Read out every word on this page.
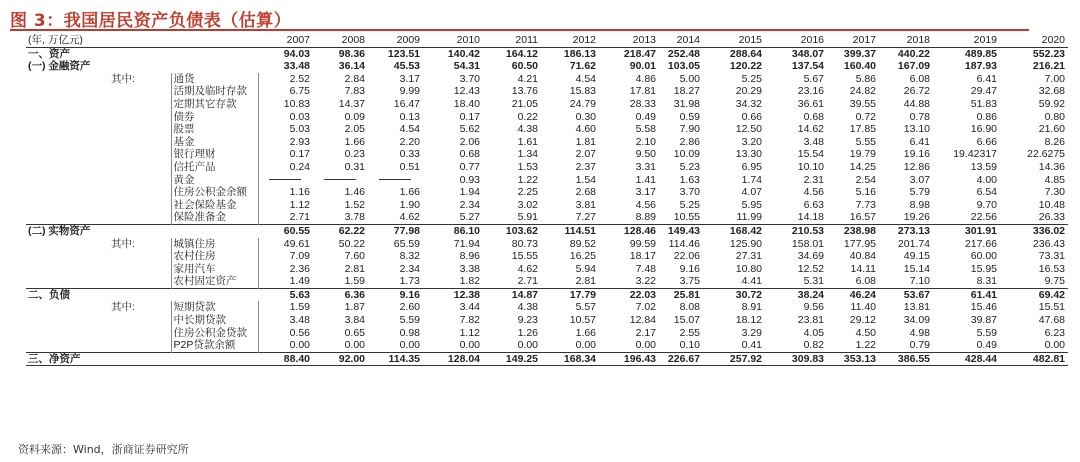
图 3：我国居民资产负债表（估算）
(年, 万亿元)			2007	2008	2009	2010	2011	2012	2013	2014	2015	2016	2017	2018	2019	2020
一、资产			94.03	98.36	123.51	140.42	164.12	186.13	218.47	252.48	288.64	348.07	399.37	440.22	489.85	552.23
(一) 金融资产			33.48	36.14	45.53	54.31	60.50	71.62	90.01	103.05	120.22	137.54	160.40	167.09	187.93	216.21
	其中:	通货	2.52	2.84	3.17	3.70	4.21	4.54	4.86	5.00	5.25	5.67	5.86	6.08	6.41	7.00
		活期及临时存款	6.75	7.83	9.99	12.43	13.76	15.83	17.81	18.27	20.29	23.16	24.82	26.72	29.47	32.68
		定期其它存款	10.83	14.37	16.47	18.40	21.05	24.79	28.33	31.98	34.32	36.61	39.55	44.88	51.83	59.92
		债券	0.03	0.09	0.13	0.17	0.22	0.30	0.49	0.59	0.66	0.68	0.72	0.78	0.86	0.80
		股票	5.03	2.05	4.54	5.62	4.38	4.60	5.58	7.90	12.50	14.62	17.85	13.10	16.90	21.60
		基金	2.93	1.66	2.20	2.06	1.61	1.81	2.10	2.86	3.20	3.48	5.55	6.41	6.66	8.26
		银行理财	0.17	0.23	0.33	0.68	1.34	2.07	9.50	10.09	13.30	15.54	19.79	19.16	19.42317	22.6275
		信托产品	0.24	0.31	0.51	0.77	1.53	2.37	3.31	5.23	6.95	10.10	14.25	12.86	13.59	14.36
		黄金				0.93	1.22	1.54	1.41	1.63	1.74	2.31	2.54	3.07	4.00	4.85
		住房公积金余额	1.16	1.46	1.66	1.94	2.25	2.68	3.17	3.70	4.07	4.56	5.16	5.79	6.54	7.30
		社会保险基金	1.12	1.52	1.90	2.34	3.02	3.81	4.56	5.25	5.95	6.63	7.73	8.98	9.70	10.48
		保险准备金	2.71	3.78	4.62	5.27	5.91	7.27	8.89	10.55	11.99	14.18	16.57	19.26	22.56	26.33
(二) 实物资产			60.55	62.22	77.98	86.10	103.62	114.51	128.46	149.43	168.42	210.53	238.98	273.13	301.91	336.02
	其中:	城镇住房	49.61	50.22	65.59	71.94	80.73	89.52	99.59	114.46	125.90	158.01	177.95	201.74	217.66	236.43
		农村住房	7.09	7.60	8.32	8.96	15.55	16.25	18.17	22.06	27.31	34.69	40.84	49.15	60.00	73.31
		家用汽车	2.36	2.81	2.34	3.38	4.62	5.94	7.48	9.16	10.80	12.52	14.11	15.14	15.95	16.53
		农村固定资产	1.49	1.59	1.73	1.82	2.71	2.81	3.22	3.75	4.41	5.31	6.08	7.10	8.31	9.75
二、负债			5.63	6.36	9.16	12.38	14.87	17.79	22.03	25.81	30.72	38.24	46.24	53.67	61.41	69.42
	其中:	短期贷款	1.59	1.87	2.60	3.44	4.38	5.57	7.02	8.08	8.91	9.56	11.40	13.81	15.46	15.51
		中长期贷款	3.48	3.84	5.59	7.82	9.23	10.57	12.84	15.07	18.12	23.81	29.12	34.09	39.87	47.68
		住房公积金贷款	0.56	0.65	0.98	1.12	1.26	1.66	2.17	2.55	3.29	4.05	4.50	4.98	5.59	6.23
		P2P贷款余额	0.00	0.00	0.00	0.00	0.00	0.00	0.00	0.10	0.41	0.82	1.22	0.79	0.49	0.00
三、净资产			88.40	92.00	114.35	128.04	149.25	168.34	196.43	226.67	257.92	309.83	353.13	386.55	428.44	482.81
资料来源：Wind，浙商证券研究所
